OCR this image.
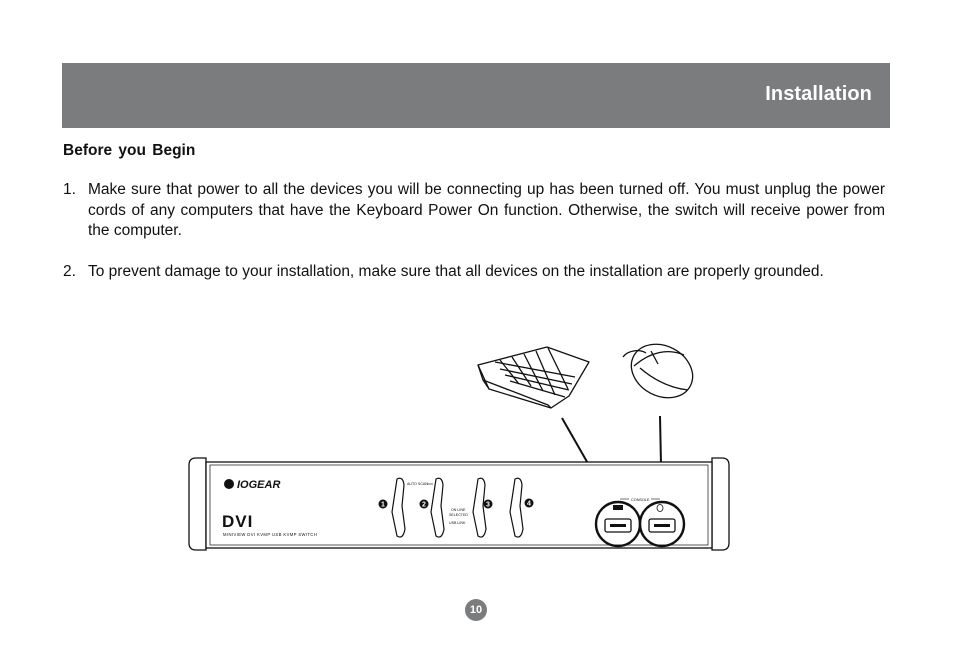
Installation
Before you Begin
1. Make sure that power to all the devices you will be connecting up has been turned off. You must unplug the power cords of any computers that have the Keyboard Power On function. Otherwise, the switch will receive power from the computer.
2. To prevent damage to your installation, make sure that all devices on the installation are properly grounded.
IOGEAR
DVI
MINIVIEW DVI KVMP USB KVMP SWITCH
1	2	3	4
AUTO SCAN
ON LINE
SELECTED
USB LINK
CONSOLE
10
